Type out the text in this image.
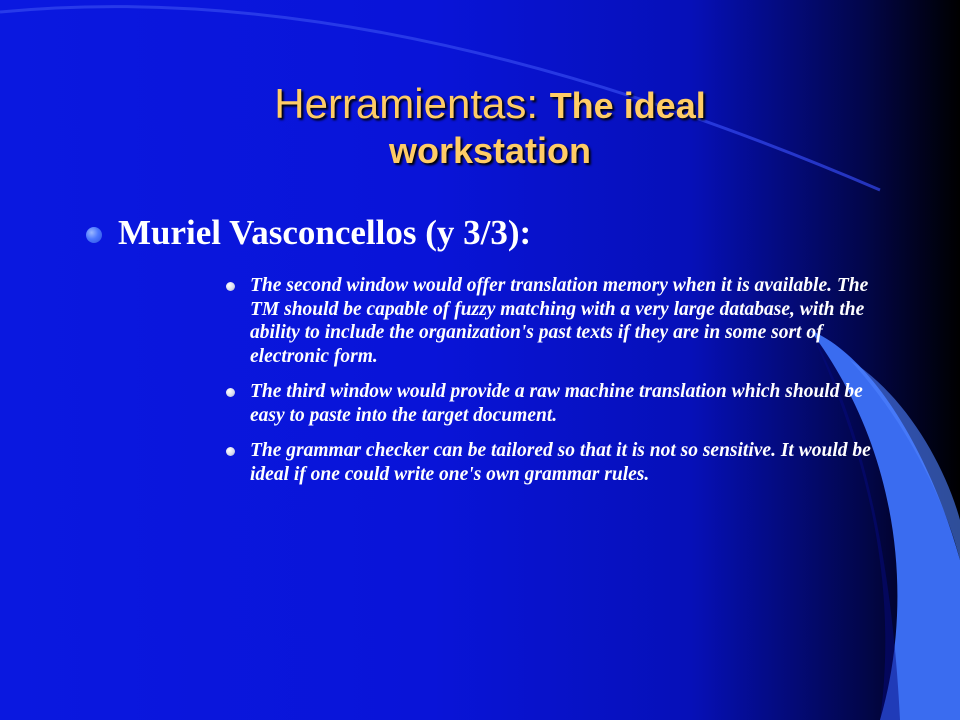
Herramientas: The ideal
workstation
Muriel Vasconcellos (y 3/3):
The second window would offer translation memory when it is available. The TM should be capable of fuzzy matching with a very large database, with the ability to include the organization's past texts if they are in some sort of electronic form.
The third window would provide a raw machine translation which should be easy to paste into the target document.
The grammar checker can be tailored so that it is not so sensitive. It would be ideal if one could write one's own grammar rules.
